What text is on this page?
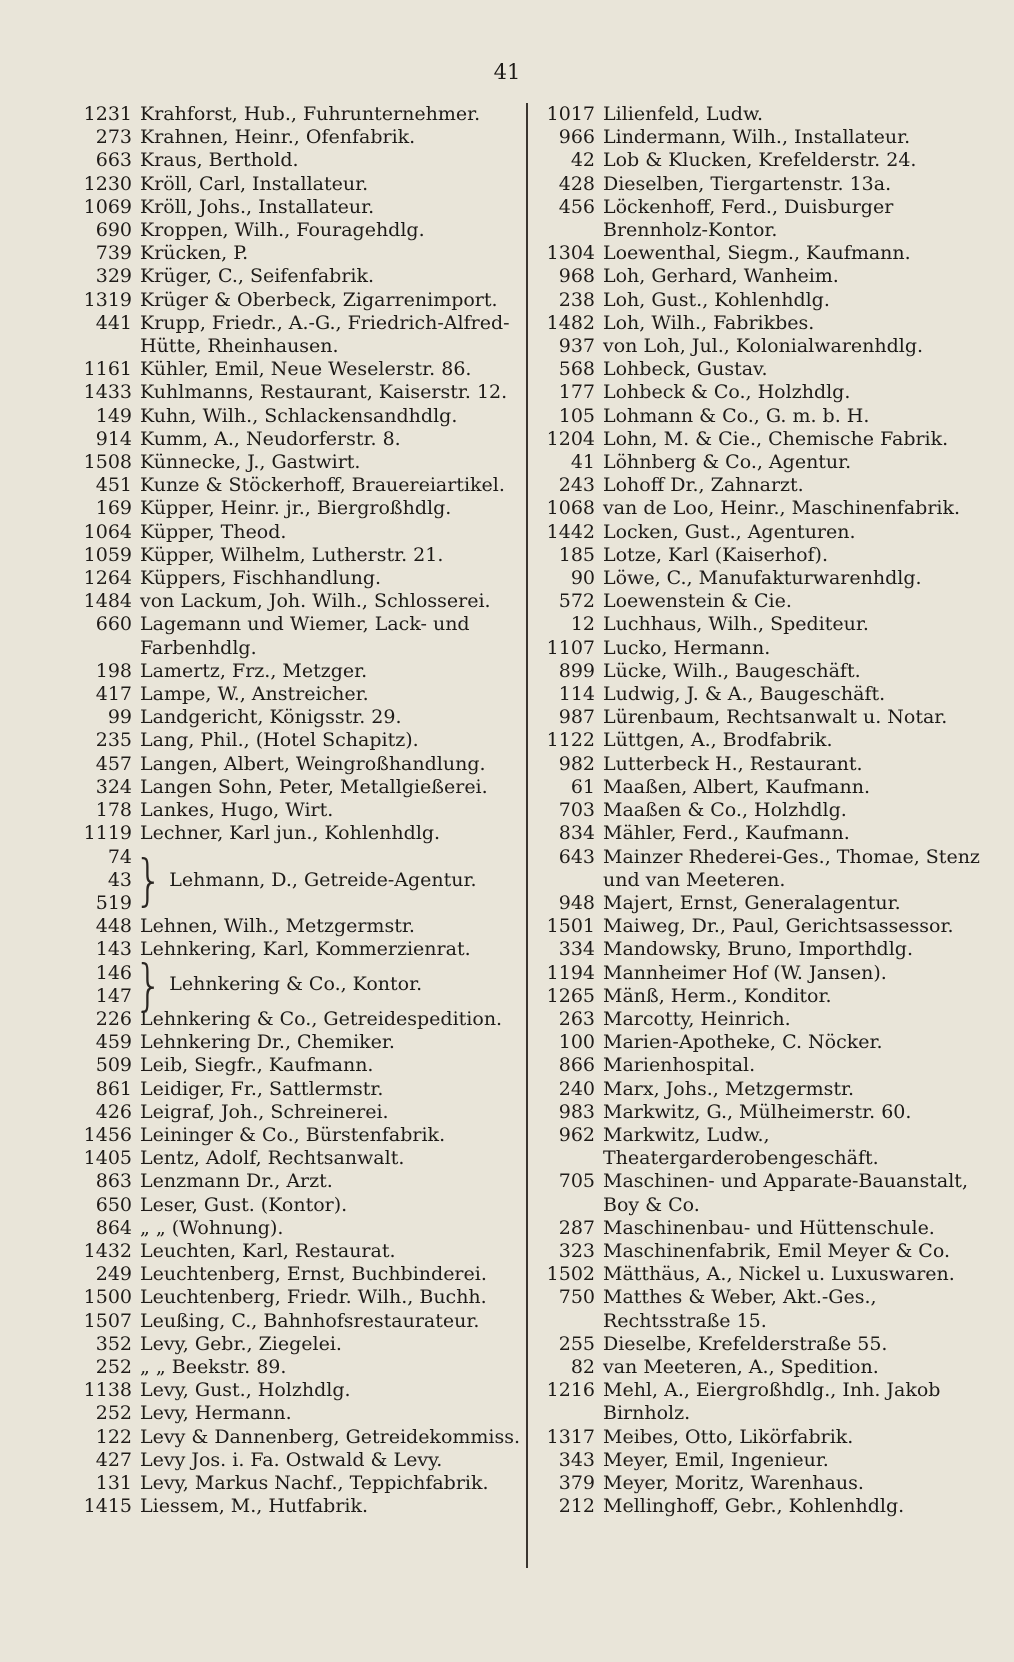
41
1231 Krahforst, Hub., Fuhrunternehmer.
273 Krahnen, Heinr., Ofenfabrik.
663 Kraus, Berthold.
1230 Kröll, Carl, Installateur.
1069 Kröll, Johs., Installateur.
690 Kroppen, Wilh., Fouragehdlg.
739 Krücken, P.
329 Krüger, C., Seifenfabrik.
1319 Krüger & Oberbeck, Zigarrenimport.
441 Krupp, Friedr., A.-G., Friedrich-Alfred-Hütte, Rheinhausen.
1161 Kühler, Emil, Neue Weselerstr. 86.
1433 Kuhlmanns, Restaurant, Kaiserstr. 12.
149 Kuhn, Wilh., Schlackensandhdlg.
914 Kumm, A., Neudorferstr. 8.
1508 Künnecke, J., Gastwirt.
451 Kunze & Stöckerhoff, Brauereiartikel.
169 Küpper, Heinr. jr., Biergroßhdlg.
1064 Küpper, Theod.
1059 Küpper, Wilhelm, Lutherstr. 21.
1264 Küppers, Fischhandlung.
1484 von Lackum, Joh. Wilh., Schlosserei.
660 Lagemann und Wiemer, Lack- und Farbenhdlg.
198 Lamertz, Frz., Metzger.
417 Lampe, W., Anstreicher.
99 Landgericht, Königsstr. 29.
235 Lang, Phil., (Hotel Schapitz).
457 Langen, Albert, Weingroßhandlung.
324 Langen Sohn, Peter, Metallgießerei.
178 Lankes, Hugo, Wirt.
1119 Lechner, Karl jun., Kohlenhdlg.
74
43
519 } Lehmann, D., Getreide-Agentur.
448 Lehnen, Wilh., Metzgermstr.
143 Lehnkering, Karl, Kommerzienrat.
146
147 } Lehnkering & Co., Kontor.
226 Lehnkering & Co., Getreidespedition.
459 Lehnkering Dr., Chemiker.
509 Leib, Siegfr., Kaufmann.
861 Leidiger, Fr., Sattlermstr.
426 Leigraf, Joh., Schreinerei.
1456 Leininger & Co., Bürstenfabrik.
1405 Lentz, Adolf, Rechtsanwalt.
863 Lenzmann Dr., Arzt.
650 Leser, Gust. (Kontor).
864 „ „ (Wohnung).
1432 Leuchten, Karl, Restaurat.
249 Leuchtenberg, Ernst, Buchbinderei.
1500 Leuchtenberg, Friedr. Wilh., Buchh.
1507 Leußing, C., Bahnhofsrestaurateur.
352 Levy, Gebr., Ziegelei.
252 „ „ Beekstr. 89.
1138 Levy, Gust., Holzhdlg.
252 Levy, Hermann.
122 Levy & Dannenberg, Getreidekommiss.
427 Levy Jos. i. Fa. Ostwald & Levy.
131 Levy, Markus Nachf., Teppichfabrik.
1415 Liessem, M., Hutfabrik.
1017 Lilienfeld, Ludw.
966 Lindermann, Wilh., Installateur.
42 Lob & Klucken, Krefelderstr. 24.
428 Dieselben, Tiergartenstr. 13a.
456 Löckenhoff, Ferd., Duisburger Brennholz-Kontor.
1304 Loewenthal, Siegm., Kaufmann.
968 Loh, Gerhard, Wanheim.
238 Loh, Gust., Kohlenhdlg.
1482 Loh, Wilh., Fabrikbes.
937 von Loh, Jul., Kolonialwarenhdlg.
568 Lohbeck, Gustav.
177 Lohbeck & Co., Holzhdlg.
105 Lohmann & Co., G. m. b. H.
1204 Lohn, M. & Cie., Chemische Fabrik.
41 Löhnberg & Co., Agentur.
243 Lohoff Dr., Zahnarzt.
1068 van de Loo, Heinr., Maschinenfabrik.
1442 Locken, Gust., Agenturen.
185 Lotze, Karl (Kaiserhof).
90 Löwe, C., Manufakturwarenhdlg.
572 Loewenstein & Cie.
12 Luchhaus, Wilh., Spediteur.
1107 Lucko, Hermann.
899 Lücke, Wilh., Baugeschäft.
114 Ludwig, J. & A., Baugeschäft.
987 Lürenbaum, Rechtsanwalt u. Notar.
1122 Lüttgen, A., Brodfabrik.
982 Lutterbeck H., Restaurant.
61 Maaßen, Albert, Kaufmann.
703 Maaßen & Co., Holzhdlg.
834 Mähler, Ferd., Kaufmann.
643 Mainzer Rhederei-Ges., Thomae, Stenz und van Meeteren.
948 Majert, Ernst, Generalagentur.
1501 Maiweg, Dr., Paul, Gerichtsassessor.
334 Mandowsky, Bruno, Importhdlg.
1194 Mannheimer Hof (W. Jansen).
1265 Mänß, Herm., Konditor.
263 Marcotty, Heinrich.
100 Marien-Apotheke, C. Nöcker.
866 Marienhospital.
240 Marx, Johs., Metzgermstr.
983 Markwitz, G., Mülheimerstr. 60.
962 Markwitz, Ludw., Theatergarderobengeschäft.
705 Maschinen- und Apparate-Bauanstalt, Boy & Co.
287 Maschinenbau- und Hüttenschule.
323 Maschinenfabrik, Emil Meyer & Co.
1502 Mätthäus, A., Nickel u. Luxuswaren.
750 Matthes & Weber, Akt.-Ges., Rechtsstraße 15.
255 Dieselbe, Krefelderstraße 55.
82 van Meeteren, A., Spedition.
1216 Mehl, A., Eiergroßhdlg., Inh. Jakob Birnholz.
1317 Meibes, Otto, Likörfabrik.
343 Meyer, Emil, Ingenieur.
379 Meyer, Moritz, Warenhaus.
212 Mellinghoff, Gebr., Kohlenhdlg.
